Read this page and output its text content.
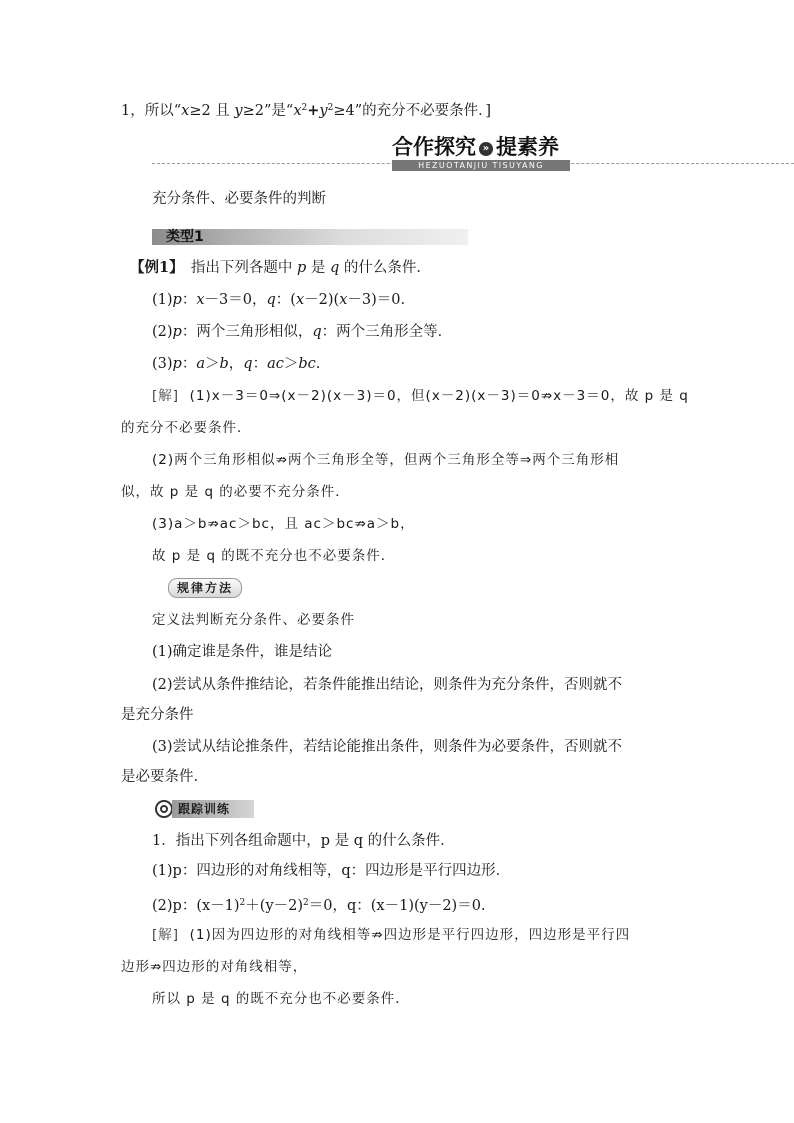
1，所以“x≥2 且 y≥2”是“$x^2+y^2\ge 4$”的充分不必要条件．]
合作探究 » 提素养
HEZUOTANJIU TISUYANG
充分条件、必要条件的判断
类型1
【例1】　指出下列各题中 p 是 q 的什么条件．
(1)p：x－3＝0，q：(x－2)(x－3)＝0.
(2)p：两个三角形相似，q：两个三角形全等．
(3)p：a＞b，q：ac＞bc.
[解] (1)x－3＝0⇒(x－2)(x－3)＝0，但(x－2)(x－3)＝0⇏x－3＝0，故 p 是 q
的充分不必要条件．
(2)两个三角形相似⇏两个三角形全等，但两个三角形全等⇒两个三角形相
似，故 p 是 q 的必要不充分条件．
(3)a＞b⇏ac＞bc，且 ac＞bc⇏a＞b，
故 p 是 q 的既不充分也不必要条件．
规律方法
定义法判断充分条件、必要条件
(1)确定谁是条件，谁是结论
(2)尝试从条件推结论，若条件能推出结论，则条件为充分条件，否则就不
是充分条件
(3)尝试从结论推条件，若结论能推出条件，则条件为必要条件，否则就不
是必要条件.
跟踪训练
1．指出下列各组命题中，p 是 q 的什么条件．
(1)p：四边形的对角线相等，q：四边形是平行四边形．
(2)p：$(x-1)^2+(y-2)^2=0$，q：(x－1)(y－2)＝0.
[解] (1)因为四边形的对角线相等⇏四边形是平行四边形，四边形是平行四
边形⇏四边形的对角线相等，
所以 p 是 q 的既不充分也不必要条件．
